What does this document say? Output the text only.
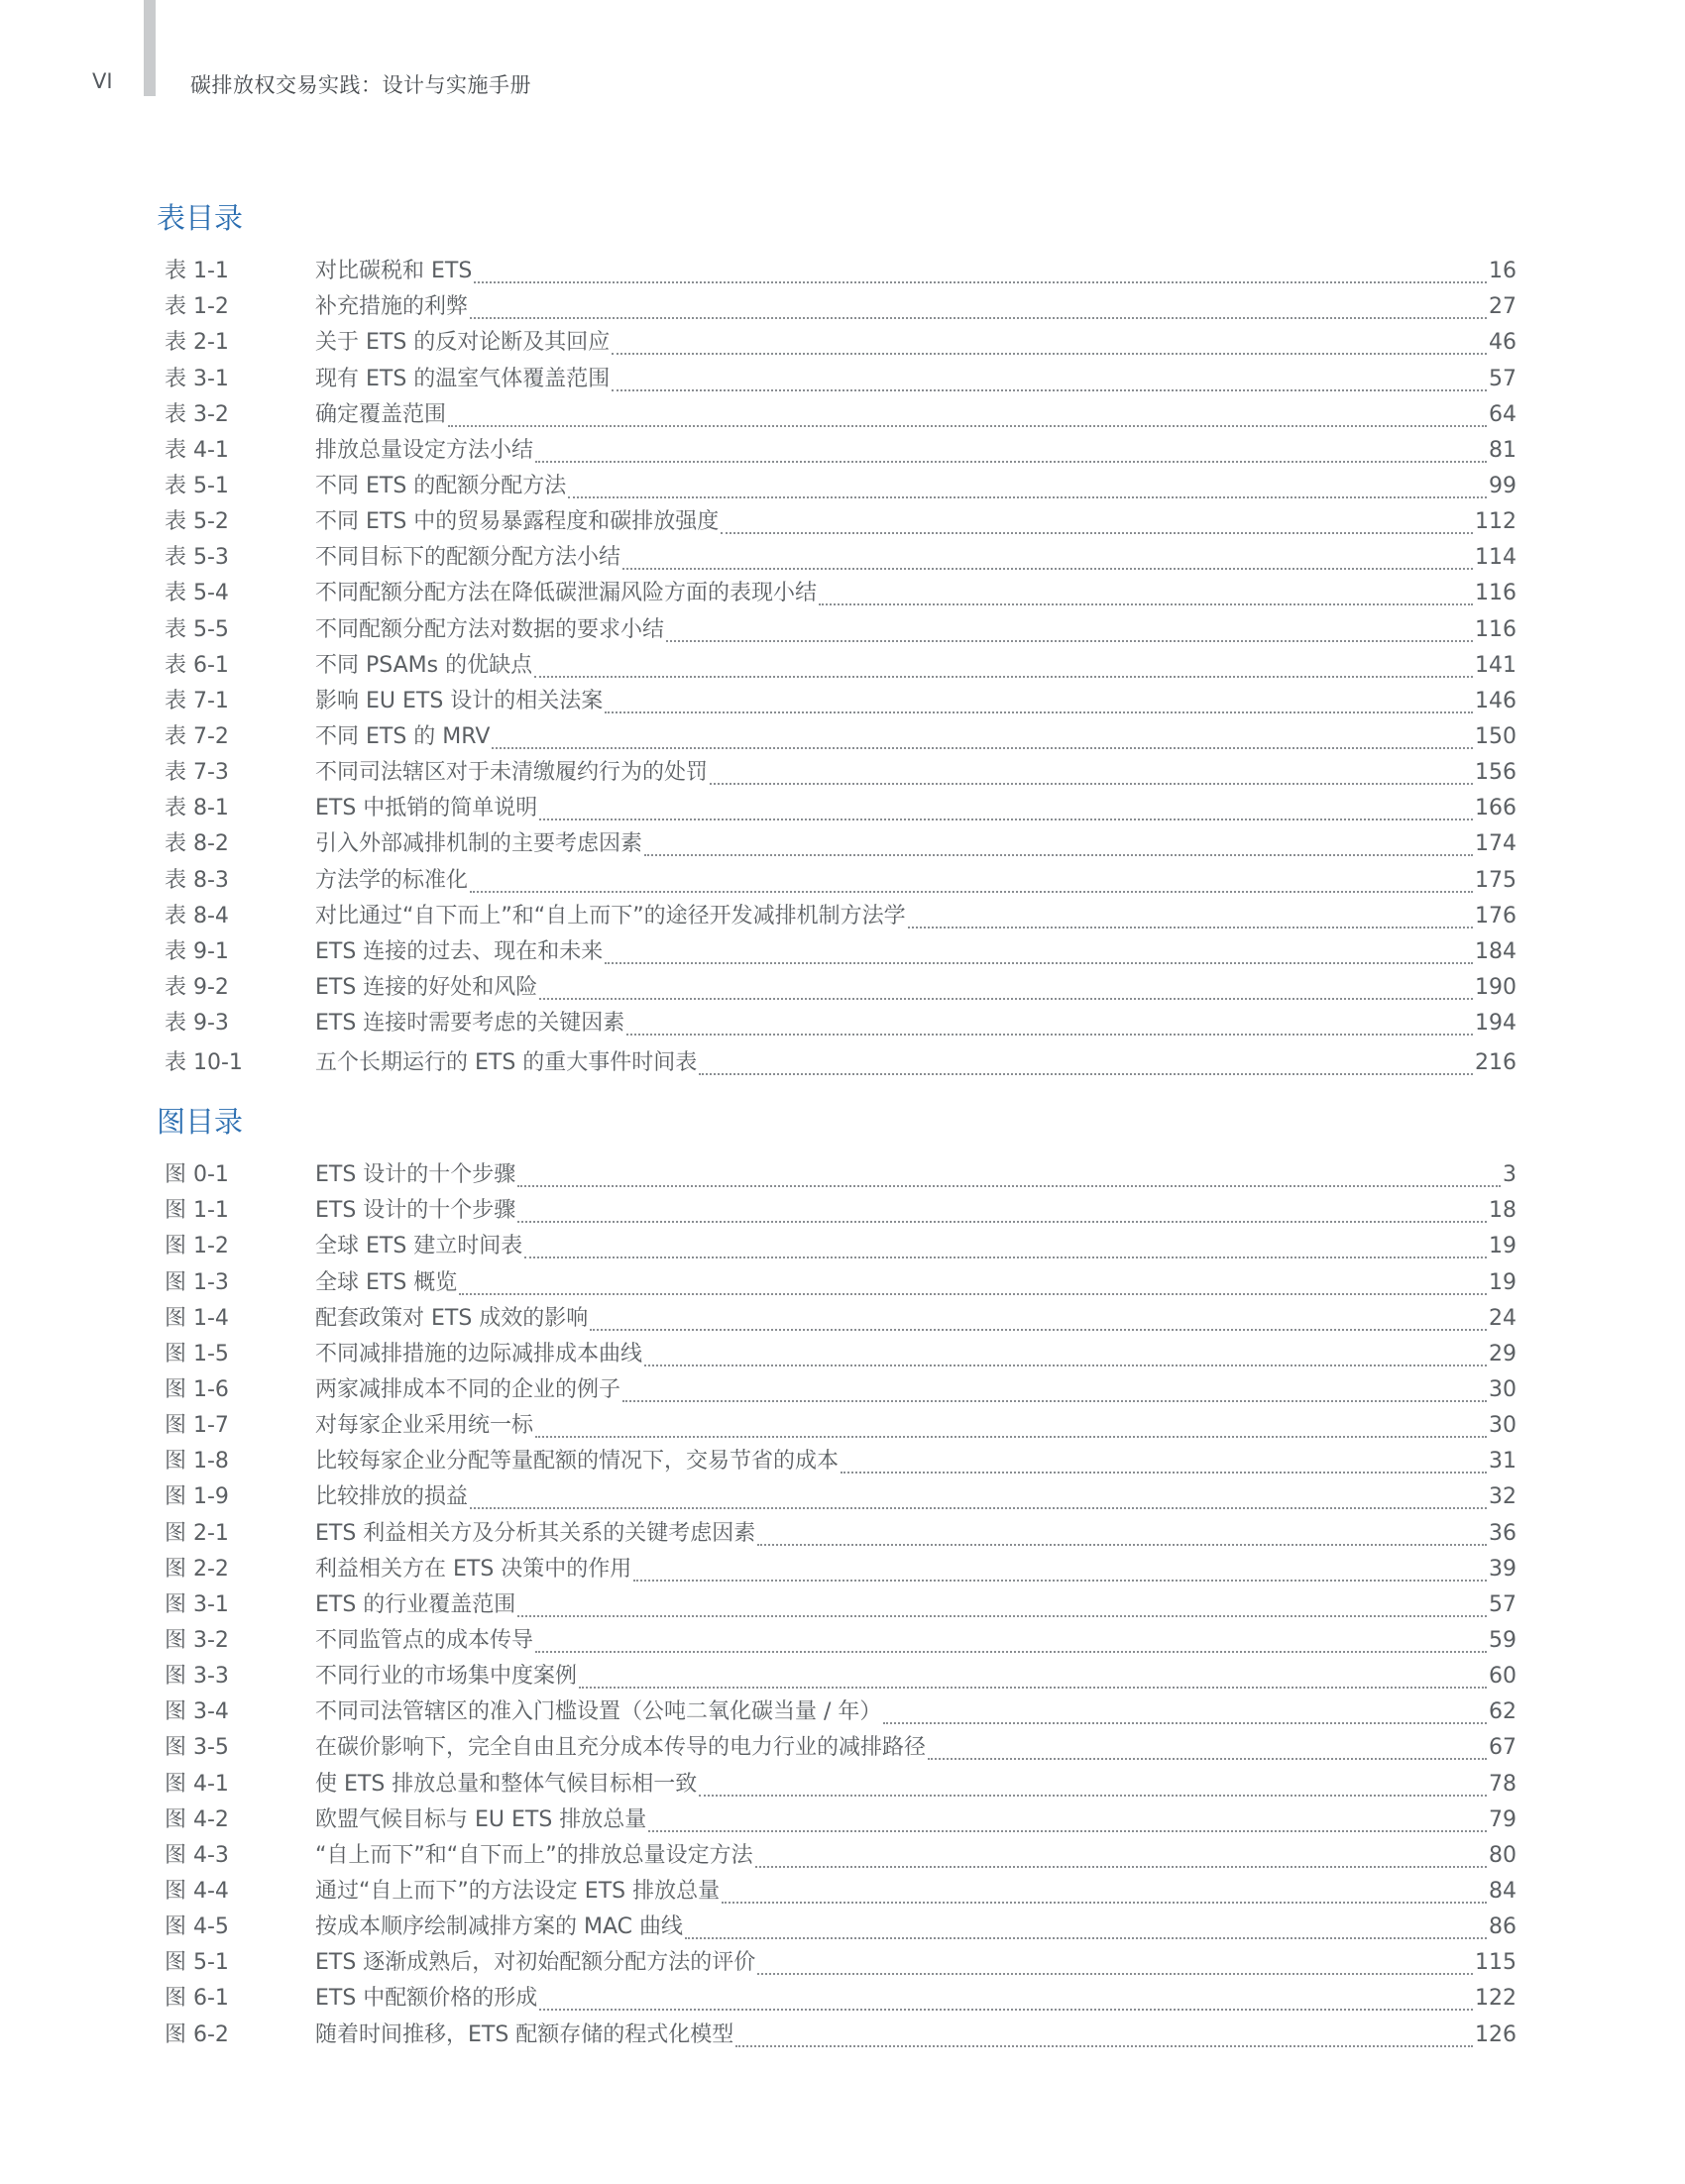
VI	碳排放权交易实践：设计与实施手册
表目录
表 1-1	对比碳税和 ETS	16
表 1-2	补充措施的利弊	27
表 2-1	关于 ETS 的反对论断及其回应	46
表 3-1	现有 ETS 的温室气体覆盖范围	57
表 3-2	确定覆盖范围	64
表 4-1	排放总量设定方法小结	81
表 5-1	不同 ETS 的配额分配方法	99
表 5-2	不同 ETS 中的贸易暴露程度和碳排放强度	112
表 5-3	不同目标下的配额分配方法小结	114
表 5-4	不同配额分配方法在降低碳泄漏风险方面的表现小结	116
表 5-5	不同配额分配方法对数据的要求小结	116
表 6-1	不同 PSAMs 的优缺点	141
表 7-1	影响 EU ETS 设计的相关法案	146
表 7-2	不同 ETS 的 MRV	150
表 7-3	不同司法辖区对于未清缴履约行为的处罚	156
表 8-1	ETS 中抵销的简单说明	166
表 8-2	引入外部减排机制的主要考虑因素	174
表 8-3	方法学的标准化	175
表 8-4	对比通过“自下而上”和“自上而下”的途径开发减排机制方法学	176
表 9-1	ETS 连接的过去、现在和未来	184
表 9-2	ETS 连接的好处和风险	190
表 9-3	ETS 连接时需要考虑的关键因素	194
表 10-1	五个长期运行的 ETS 的重大事件时间表	216
图目录
图 0-1	ETS 设计的十个步骤	3
图 1-1	ETS 设计的十个步骤	18
图 1-2	全球 ETS 建立时间表	19
图 1-3	全球 ETS 概览	19
图 1-4	配套政策对 ETS 成效的影响	24
图 1-5	不同减排措施的边际减排成本曲线	29
图 1-6	两家减排成本不同的企业的例子	30
图 1-7	对每家企业采用统一标	30
图 1-8	比较每家企业分配等量配额的情况下，交易节省的成本	31
图 1-9	比较排放的损益	32
图 2-1	ETS 利益相关方及分析其关系的关键考虑因素	36
图 2-2	利益相关方在 ETS 决策中的作用	39
图 3-1	ETS 的行业覆盖范围	57
图 3-2	不同监管点的成本传导	59
图 3-3	不同行业的市场集中度案例	60
图 3-4	不同司法管辖区的准入门槛设置（公吨二氧化碳当量 / 年）	62
图 3-5	在碳价影响下，完全自由且充分成本传导的电力行业的减排路径	67
图 4-1	使 ETS 排放总量和整体气候目标相一致	78
图 4-2	欧盟气候目标与 EU ETS 排放总量	79
图 4-3	“自上而下”和“自下而上”的排放总量设定方法	80
图 4-4	通过“自上而下”的方法设定 ETS 排放总量	84
图 4-5	按成本顺序绘制减排方案的 MAC 曲线	86
图 5-1	ETS 逐渐成熟后，对初始配额分配方法的评价	115
图 6-1	ETS 中配额价格的形成	122
图 6-2	随着时间推移，ETS 配额存储的程式化模型	126
